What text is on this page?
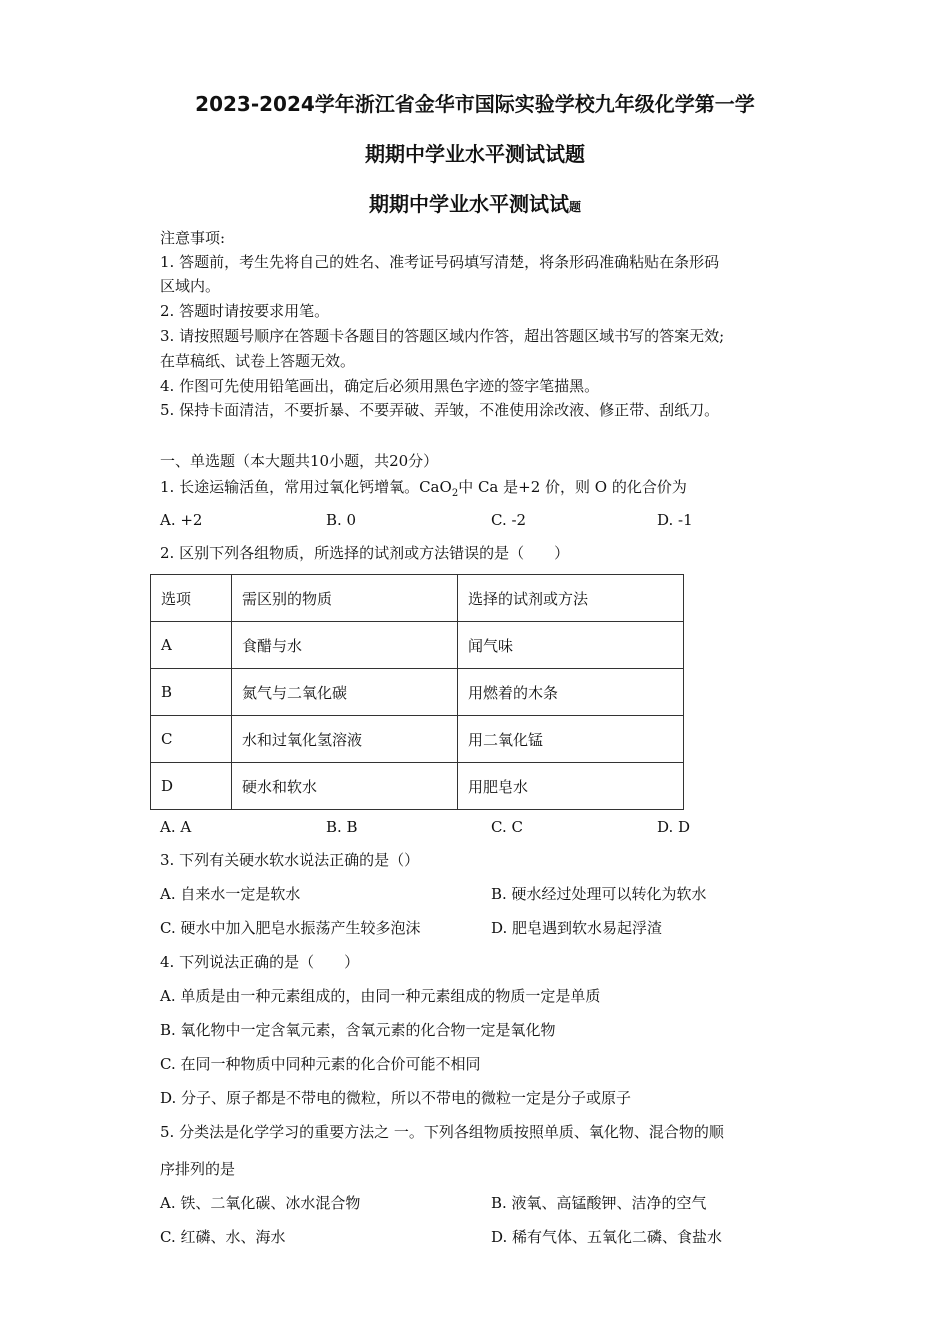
2023-2024学年浙江省金华市国际实验学校九年级化学第一学
期期中学业水平测试试题
期期中学业水平测试试题
注意事项:
1. 答题前，考生先将自己的姓名、准考证号码填写清楚，将条形码准确粘贴在条形码
区域内。
2. 答题时请按要求用笔。
3. 请按照题号顺序在答题卡各题目的答题区域内作答，超出答题区域书写的答案无效;
在草稿纸、试卷上答题无效。
4. 作图可先使用铅笔画出，确定后必须用黑色字迹的签字笔描黑。
5. 保持卡面清洁，不要折暴、不要弄破、弄皱，不准使用涂改液、修正带、刮纸刀。
一、单选题（本大题共10小题，共20分）
1. 长途运输活鱼，常用过氧化钙增氧。CaO$_2$中 Ca 是+2 价，则 O 的化合价为
A. +2	B. 0	C. -2	D. -1
2. 区别下列各组物质，所选择的试剂或方法错误的是（　　）
选项	需区别的物质	选择的试剂或方法
A	食醋与水	闻气味
B	氮气与二氧化碳	用燃着的木条
C	水和过氧化氢溶液	用二氧化锰
D	硬水和软水	用肥皂水
A. A	B. B	C. C	D. D
3. 下列有关硬水软水说法正确的是（）
A. 自来水一定是软水	B. 硬水经过处理可以转化为软水
C. 硬水中加入肥皂水振荡产生较多泡沫	D. 肥皂遇到软水易起浮渣
4. 下列说法正确的是（　　）
A. 单质是由一种元素组成的，由同一种元素组成的物质一定是单质
B. 氧化物中一定含氧元素，含氧元素的化合物一定是氧化物
C. 在同一种物质中同种元素的化合价可能不相同
D. 分子、原子都是不带电的微粒，所以不带电的微粒一定是分子或原子
5. 分类法是化学学习的重要方法之 一。下列各组物质按照单质、氧化物、混合物的顺
序排列的是
A. 铁、二氧化碳、冰水混合物	B. 液氧、高锰酸钾、洁净的空气
C. 红磷、水、海水	D. 稀有气体、五氧化二磷、食盐水
